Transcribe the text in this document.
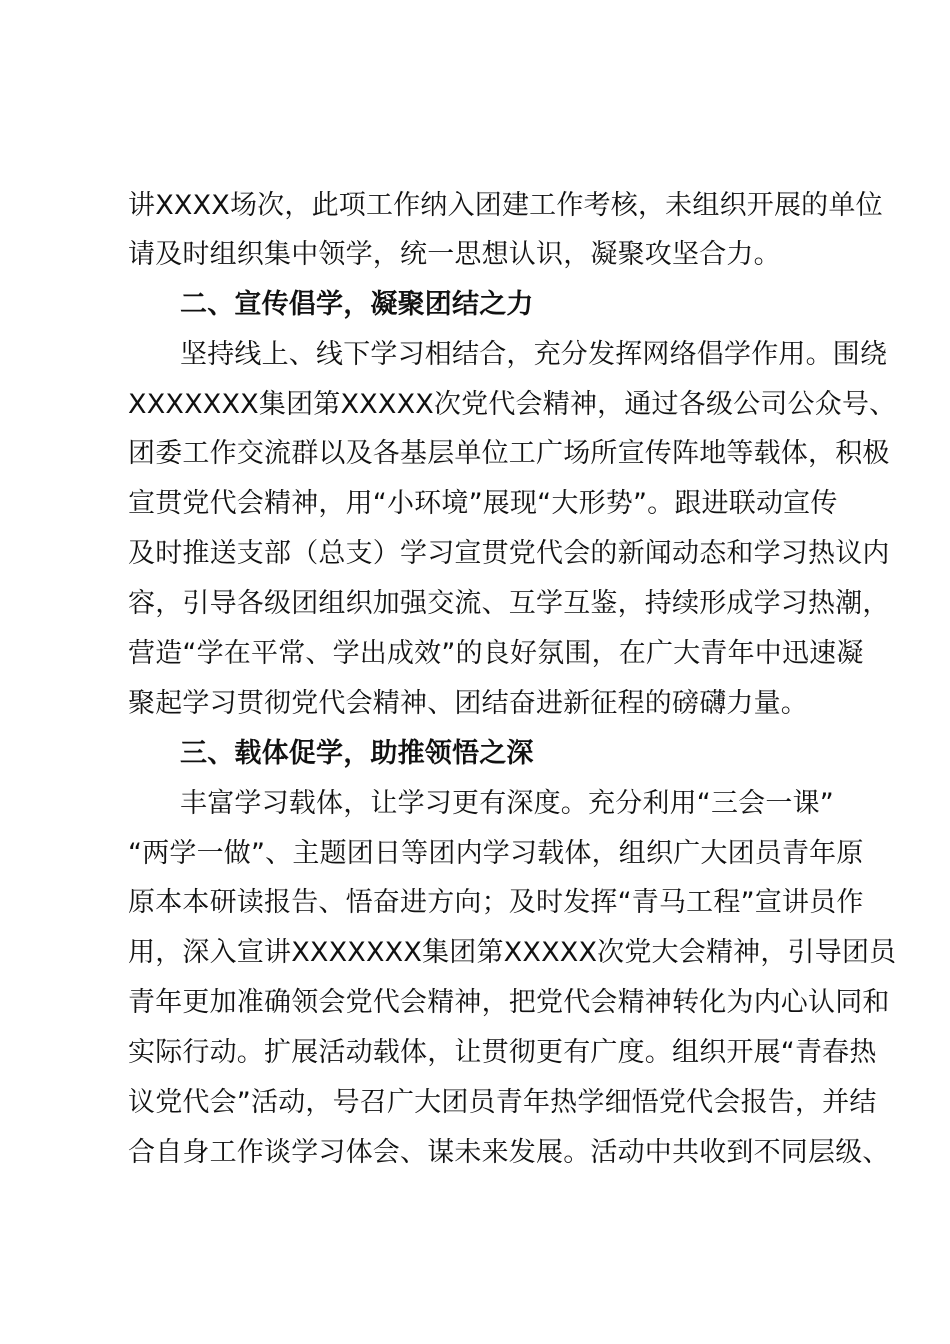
讲XXXX场次，此项工作纳入团建工作考核，未组织开展的单位
请及时组织集中领学，统一思想认识，凝聚攻坚合力。
二、宣传倡学，凝聚团结之力
坚持线上、线下学习相结合，充分发挥网络倡学作用。围绕
XXXXXXX集团第XXXXX次党代会精神，通过各级公司公众号、
团委工作交流群以及各基层单位工广场所宣传阵地等载体，积极
宣贯党代会精神，用“小环境”展现“大形势”。跟进联动宣传
及时推送支部（总支）学习宣贯党代会的新闻动态和学习热议内
容，引导各级团组织加强交流、互学互鉴，持续形成学习热潮，
营造“学在平常、学出成效”的良好氛围，在广大青年中迅速凝
聚起学习贯彻党代会精神、团结奋进新征程的磅礴力量。
三、载体促学，助推领悟之深
丰富学习载体，让学习更有深度。充分利用“三会一课”
“两学一做”、主题团日等团内学习载体，组织广大团员青年原
原本本研读报告、悟奋进方向；及时发挥“青马工程”宣讲员作
用，深入宣讲XXXXXXX集团第XXXXX次党大会精神，引导团员
青年更加准确领会党代会精神，把党代会精神转化为内心认同和
实际行动。扩展活动载体，让贯彻更有广度。组织开展“青春热
议党代会”活动，号召广大团员青年热学细悟党代会报告，并结
合自身工作谈学习体会、谋未来发展。活动中共收到不同层级、
